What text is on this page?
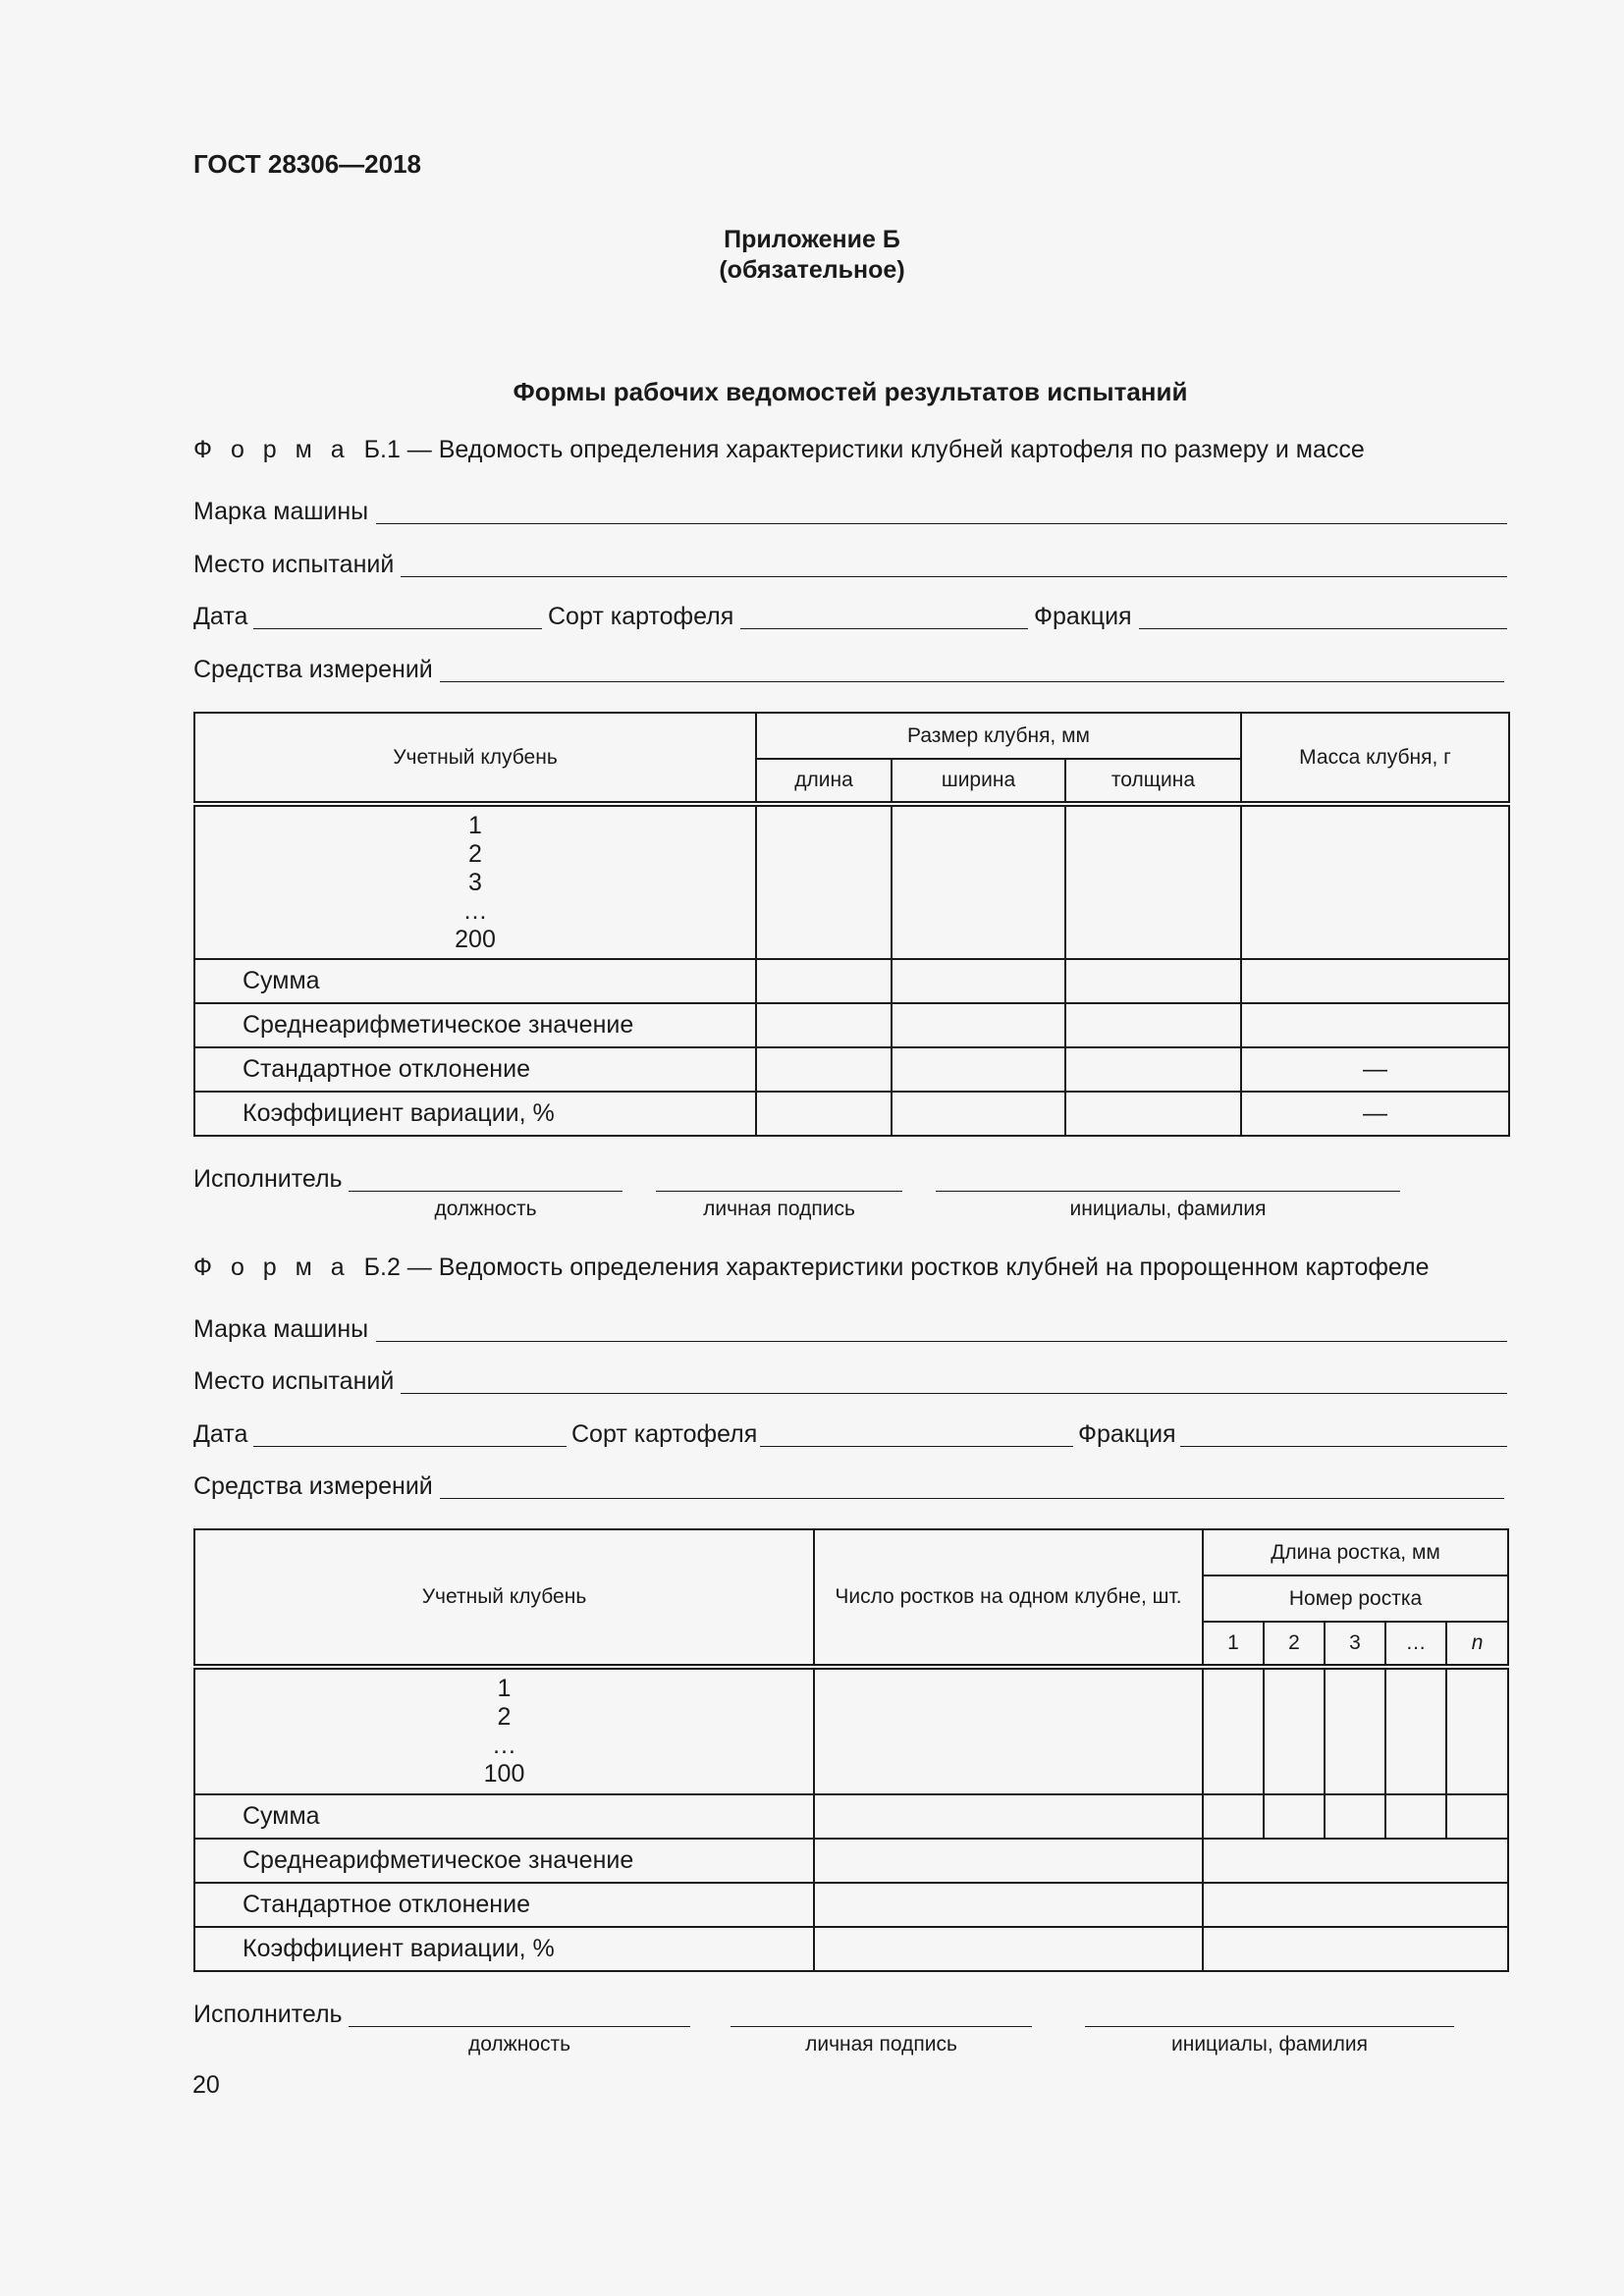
ГОСТ 28306—2018
Приложение Б
(обязательное)
Формы рабочих ведомостей результатов испытаний
Ф о р м а Б.1 — Ведомость определения характеристики клубней картофеля по размеру и массе
Марка машины
Место испытаний
Дата	Сорт картофеля	Фракция
Средства измерений
Учетный клубень	Размер клубня, мм			Масса клубня, г
	длина	ширина	толщина	

1
2
3
…
200				

Сумма				
Среднеарифметическое значение				
Стандартное отклонение				—
Коэффициент вариации, %				—
Исполнитель
должность	личная подпись	инициалы, фамилия
Ф о р м а Б.2 — Ведомость определения характеристики ростков клубней на пророщенном картофеле
Марка машины
Место испытаний
Дата	Сорт картофеля	Фракция
Средства измерений
Учетный клубень	Число ростков на одном клубне, шт.	Длина ростка, мм				
		Номер ростка				
		1	2	3	…	n

1
2
…
100						

Сумма						
Среднеарифметическое значение						
Стандартное отклонение						
Коэффициент вариации, %						
Исполнитель
должность	личная подпись	инициалы, фамилия
20
